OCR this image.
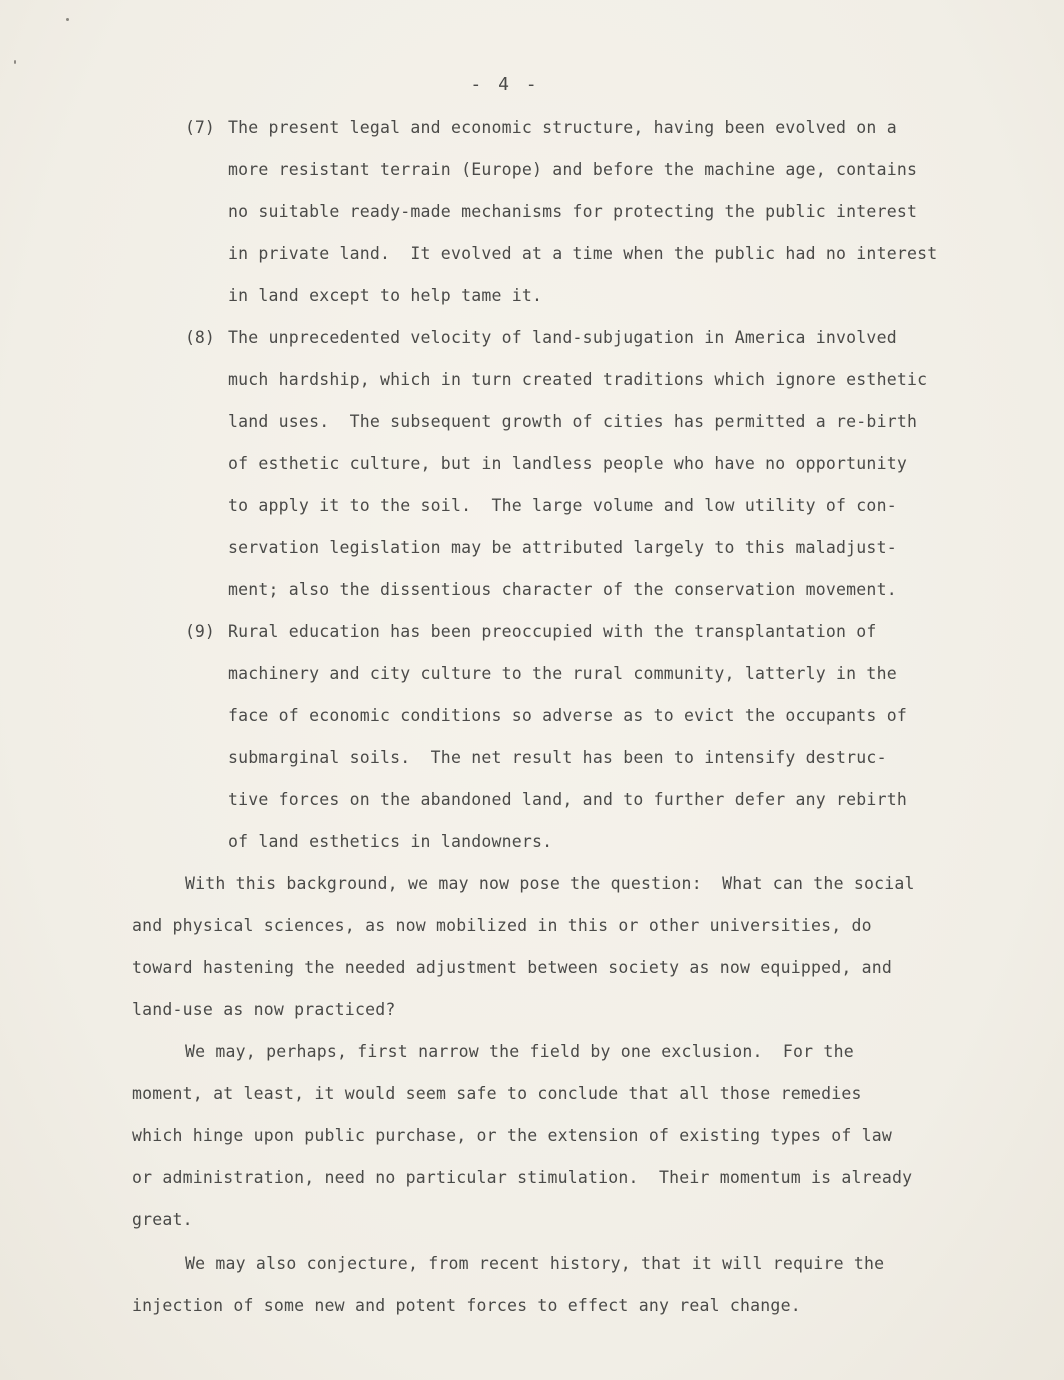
- 4 -
(7) The present legal and economic structure, having been evolved on a
more resistant terrain (Europe) and before the machine age, contains
no suitable ready-made mechanisms for protecting the public interest
in private land.  It evolved at a time when the public had no interest
in land except to help tame it.
(8) The unprecedented velocity of land-subjugation in America involved
much hardship, which in turn created traditions which ignore esthetic
land uses.  The subsequent growth of cities has permitted a re-birth
of esthetic culture, but in landless people who have no opportunity
to apply it to the soil.  The large volume and low utility of con-
servation legislation may be attributed largely to this maladjust-
ment; also the dissentious character of the conservation movement.
(9) Rural education has been preoccupied with the transplantation of
machinery and city culture to the rural community, latterly in the
face of economic conditions so adverse as to evict the occupants of
submarginal soils.  The net result has been to intensify destruc-
tive forces on the abandoned land, and to further defer any rebirth
of land esthetics in landowners.
With this background, we may now pose the question:  What can the social
and physical sciences, as now mobilized in this or other universities, do
toward hastening the needed adjustment between society as now equipped, and
land-use as now practiced?
We may, perhaps, first narrow the field by one exclusion.  For the
moment, at least, it would seem safe to conclude that all those remedies
which hinge upon public purchase, or the extension of existing types of law
or administration, need no particular stimulation.  Their momentum is already
great.
We may also conjecture, from recent history, that it will require the
injection of some new and potent forces to effect any real change.
